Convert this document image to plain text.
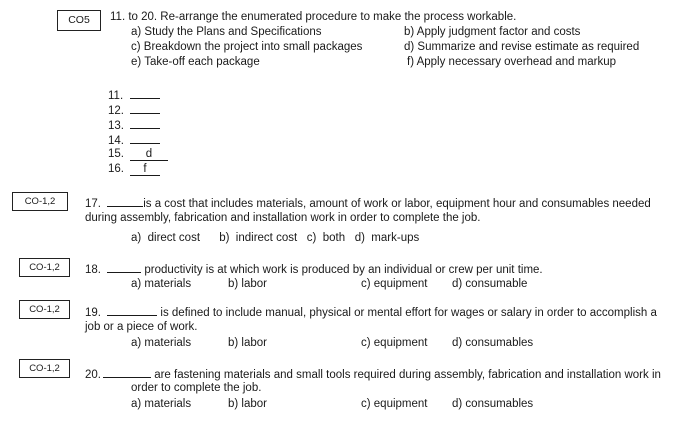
CO5	11. to 20. Re-arrange the enumerated procedure to make the process workable.
a) Study the Plans and Specifications	b) Apply judgment factor and costs
c) Breakdown the project into small packages	d) Summarize and revise estimate as required
e) Take-off each package	f) Apply necessary overhead and markup
11.
12.
13.
14.
15. d
16. f
CO-1,2	17.	is a cost that includes materials, amount of work or labor, equipment hour and consumables needed
during assembly, fabrication and installation work in order to complete the job.
a)  direct cost      b)  indirect cost   c)  both   d)  mark-ups
CO-1,2	18.	productivity is at which work is produced by an individual or crew per unit time.
a) materials	b) labor	c) equipment d) consumable
CO-1,2	19.	is defined to include manual, physical or mental effort for wages or salary in order to accomplish a
job or a piece of work.
a) materials	b) labor	c) equipment d) consumables
CO-1,2
20.	are fastening materials and small tools required during assembly, fabrication and installation work in
order to complete the job.
a) materials	b) labor	c) equipment d) consumables
